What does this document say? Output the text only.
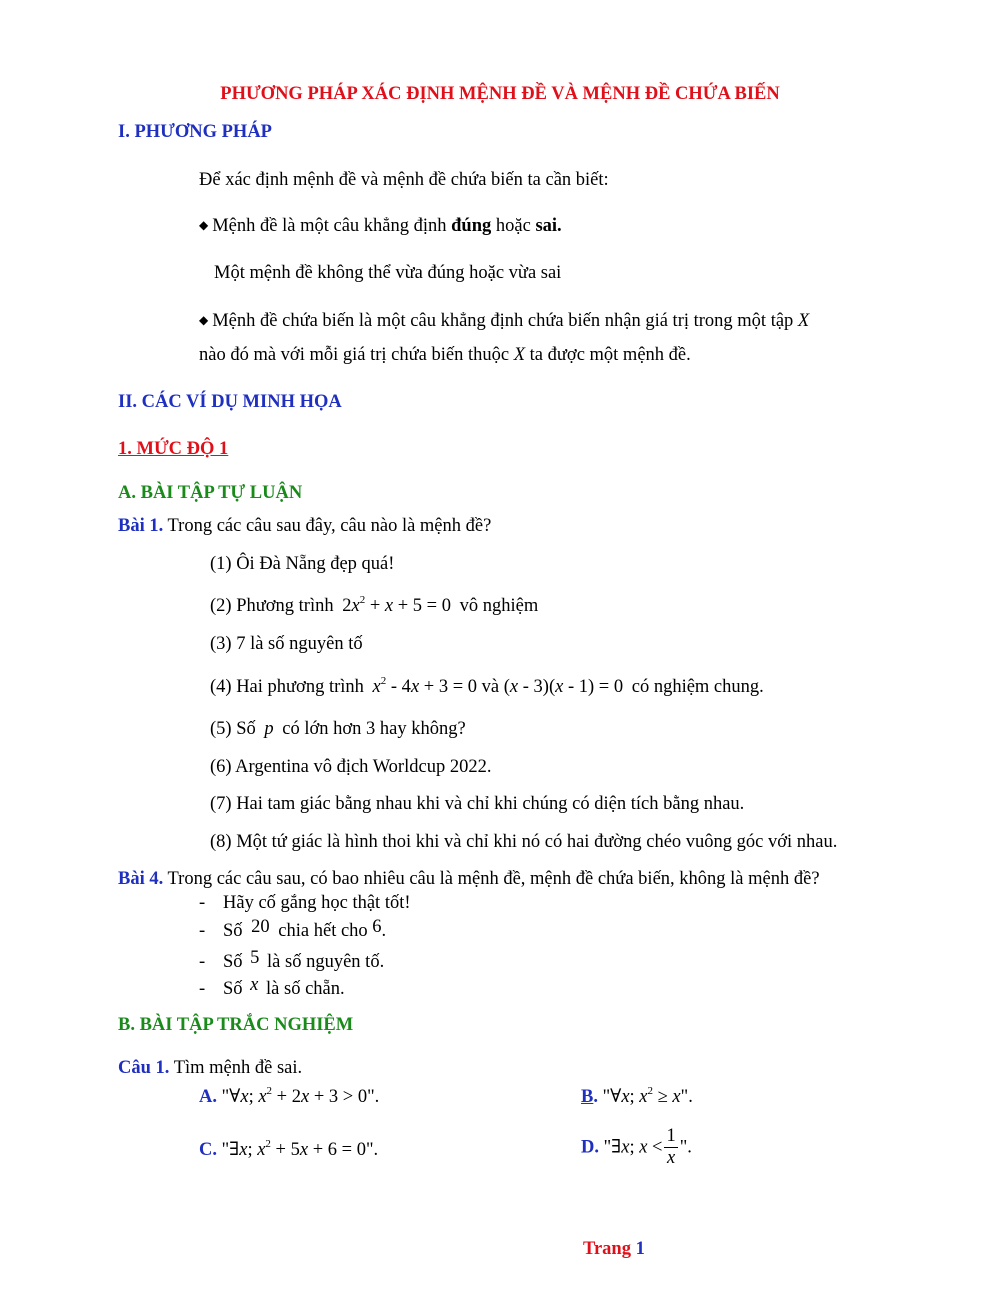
PHƯƠNG PHÁP XÁC ĐỊNH MỆNH ĐỀ VÀ MỆNH ĐỀ CHỨA BIẾN
I. PHƯƠNG PHÁP
Để xác định mệnh đề và mệnh đề chứa biến ta cần biết:
◆ Mệnh đề là một câu khẳng định đúng hoặc sai.
Một mệnh đề không thể vừa đúng hoặc vừa sai
◆ Mệnh đề chứa biến là một câu khẳng định chứa biến nhận giá trị trong một tập X
nào đó mà với mỗi giá trị chứa biến thuộc X ta được một mệnh đề.
II. CÁC VÍ DỤ MINH HỌA
1. MỨC ĐỘ 1
A. BÀI TẬP TỰ LUẬN
Bài 1. Trong các câu sau đây, câu nào là mệnh đề?
(1) Ôi Đà Nẵng đẹp quá!
(2) Phương trình $2x^2 + x + 5 = 0$ vô nghiệm
(3) 7 là số nguyên tố
(4) Hai phương trình $x^2 - 4x + 3 = 0$ và (x - 3)(x - 1) = 0 có nghiệm chung.
(5) Số p có lớn hơn 3 hay không?
(6) Argentina vô địch Worldcup 2022.
(7) Hai tam giác bằng nhau khi và chỉ khi chúng có diện tích bằng nhau.
(8) Một tứ giác là hình thoi khi và chỉ khi nó có hai đường chéo vuông góc với nhau.
Bài 4. Trong các câu sau, có bao nhiêu câu là mệnh đề, mệnh đề chứa biến, không là mệnh đề?
- Hãy cố gắng học thật tốt!
- Số 20 chia hết cho 6.
- Số 5 là số nguyên tố.
- Số x là số chẵn.
B. BÀI TẬP TRẮC NGHIỆM
Câu 1. Tìm mệnh đề sai.
A. "∀x; $x^2 + 2x + 3 > 0$".	B. "∀x; $x^2 \ge x$".
C. "∃x; $x^2 + 5x + 6 = 0$".	D. "∃x; $x < \frac{1}{x}$ ".
Trang 1
